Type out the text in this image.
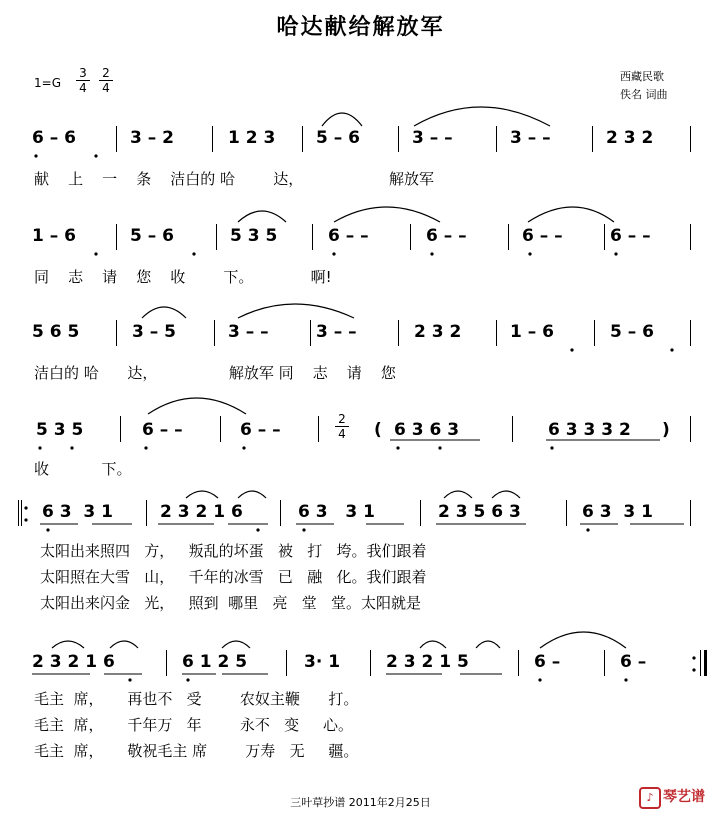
哈达献给解放军
1=G
3
4
2
4
西藏民歌
佚名 词曲
6 – 6	3 – 2	1 2 3 5 – 6	3 – –	3 – –	2 3 2
献    上    一    条    洁白的 哈        达，                  解放军
1 – 6	5 – 6	5 3 5	6 – –	6 – –	6 – –	6 – –
同    志    请    您    收        下。            啊!
5 6 5	3 – 5	3 – –	3 – –	2 3 2	1 – 6	5 – 6
洁白的 哈      达，               解放军 同    志    请    您
5 3 5	6 – –	6 – –	( 6 3 6 3	6 3 3 3 2 )
2
4
收           下。
6 3  3 1	2 3 2 1 6	6 3   3 1	2 3 5 6 3	6 3  3 1
太阳出来照四   方，   叛乱的坏蛋   被   打   垮。我们跟着
太阳照在大雪   山，   千年的冰雪   已   融   化。我们跟着
太阳出来闪金   光，   照到  哪里   亮   堂   堂。太阳就是
2 3 2 1 6	6 1 2 5	3· 1	2 3 2 1 5	6 –	6 –
毛主  席，     再也不   受        农奴主鞭      打。
毛主  席，     千年万   年        永不   变     心。
毛主  席，     敬祝毛主 席        万寿   无     疆。
三叶草抄谱 2011年2月25日	♪ 琴艺谱
